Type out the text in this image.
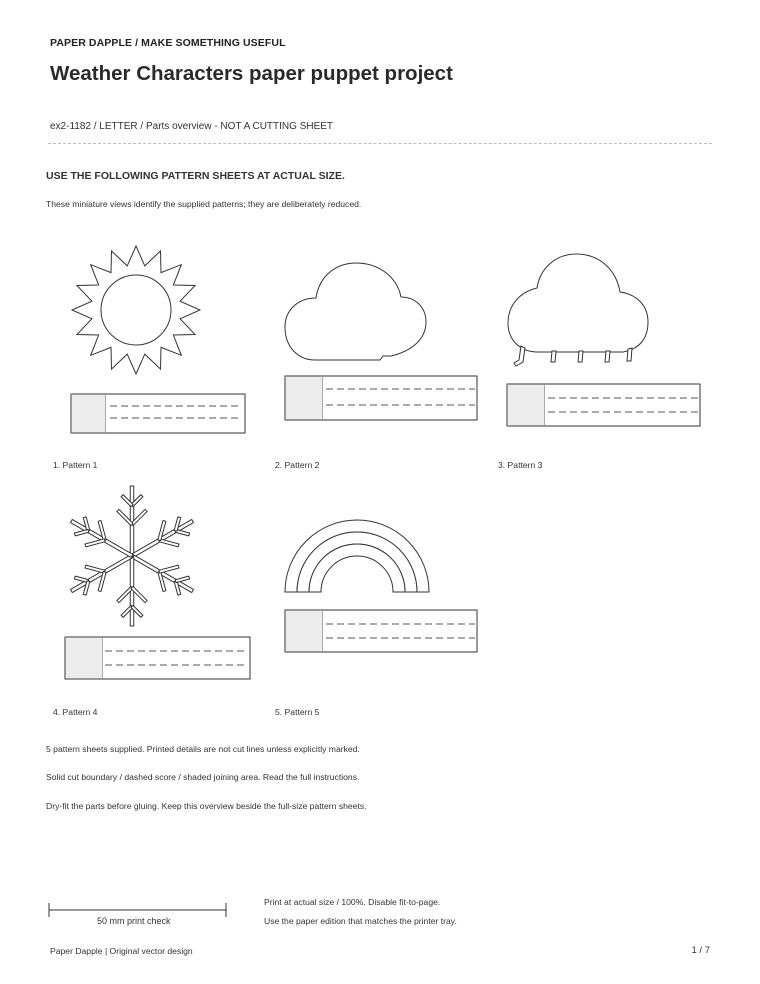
PAPER DAPPLE / MAKE SOMETHING USEFUL
Weather Characters paper puppet project
ex2-1182 / LETTER / Parts overview - NOT A CUTTING SHEET
USE THE FOLLOWING PATTERN SHEETS AT ACTUAL SIZE.
These miniature views identify the supplied patterns; they are deliberately reduced.
1. Pattern 1	2. Pattern 2	3. Pattern 3
4. Pattern 4	5. Pattern 5
5 pattern sheets supplied. Printed details are not cut lines unless explicitly marked.
Solid cut boundary / dashed score / shaded joining area. Read the full instructions.
Dry-fit the parts before gluing. Keep this overview beside the full-size pattern sheets.
50 mm print check
Print at actual size / 100%. Disable fit-to-page.
Use the paper edition that matches the printer tray.
Paper Dapple | Original vector design	1 / 7
